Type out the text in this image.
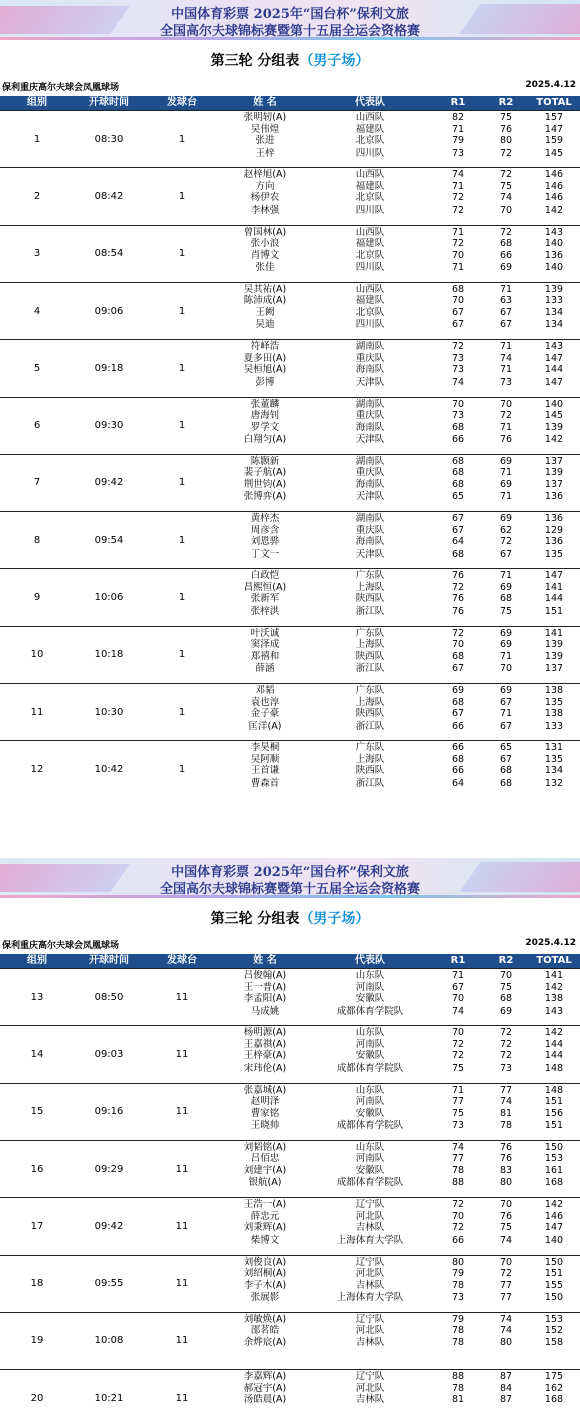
中国体育彩票 2025年“国台杯”保利文旅
全国高尔夫球锦标赛暨第十五届全运会资格赛
第三轮 分组表（男子场）
保利重庆高尔夫球会凤凰球场	2025.4.12
组别	开球时间	发球台	姓 名	代表队	R1	R2	TOTAL
1	08:30	1
张明轫(A)	山西队	82	75	157
吴伟煌	福建队	71	76	147
张进	北京队	79	80	159
王梓	四川队	73	72	145
2	08:42	1
赵梓旭(A)	山西队	74	72	146
方向	福建队	71	75	146
杨伊农	北京队	72	74	146
李林强	四川队	72	70	142
3	08:54	1
曾国林(A)	山西队	71	72	143
张小浪	福建队	72	68	140
肖博文	北京队	70	66	136
张佳	四川队	71	69	140
4	09:06	1
吴其祐(A)	山西队	68	71	139
陈沛成(A)	福建队	70	63	133
王阙	北京队	67	67	134
吴迪	四川队	67	67	134
5	09:18	1
符峄浩	湖南队	72	71	143
夏多田(A)	重庆队	73	74	147
吴桓旭(A)	海南队	73	71	144
彭博	天津队	74	73	147
6	09:30	1
张董麟	湖南队	70	70	140
唐海钊	重庆队	73	72	145
罗学文	海南队	68	71	139
白翔匀(A)	天津队	66	76	142
7	09:42	1
陈颢新	湖南队	68	69	137
裴子航(A)	重庆队	68	71	139
荆世钧(A)	海南队	68	69	137
张博弈(A)	天津队	65	71	136
8	09:54	1
黄梓杰	湖南队	67	69	136
周彦含	重庆队	67	62	129
刘恩骅	海南队	64	72	136
丁文一	天津队	68	67	135
9	10:06	1
白政恺	广东队	76	71	147
昌熙恒(A)	上海队	72	69	141
张新军	陕西队	76	68	144
张梓洪	浙江队	76	75	151
10	10:18	1
叶沃诚	广东队	72	69	141
窦泽成	上海队	70	69	139
郑禧和	陕西队	68	71	139
薛涵	浙江队	67	70	137
11	10:30	1
邓韬	广东队	69	69	138
袁也淳	上海队	68	67	135
金子豪	陕西队	67	71	138
匡洋(A)	浙江队	66	67	133
12	10:42	1
李昊桐	广东队	66	65	131
吴阿顺	上海队	68	67	135
王首谦	陕西队	66	68	134
曹森首	浙江队	64	68	132
中国体育彩票 2025年“国台杯”保利文旅
全国高尔夫球锦标赛暨第十五届全运会资格赛
第三轮 分组表（男子场）
保利重庆高尔夫球会凤凰球场	2025.4.12
组别	开球时间	发球台	姓 名	代表队	R1	R2	TOTAL
13	08:50	11
吕俊翰(A)	山东队	71	70	141
王一普(A)	河南队	67	75	142
李孟阳(A)	安徽队	70	68	138
马成姚	成都体育学院队	74	69	143
14	09:03	11
杨明源(A)	山东队	70	72	142
王嘉祺(A)	河南队	72	72	144
王梓豪(A)	安徽队	72	72	144
宋玮伦(A)	成都体育学院队	75	73	148
15	09:16	11
张嘉城(A)	山东队	71	77	148
赵明泽	河南队	77	74	151
曹家铭	安徽队	75	81	156
王晓帅	成都体育学院队	73	78	151
16	09:29	11
刘韬铭(A)	山东队	74	76	150
吕佰忠	河南队	77	76	153
刘建宇(A)	安徽队	78	83	161
银航(A)	成都体育学院队	88	80	168
17	09:42	11
王浩一(A)	辽宁队	72	70	142
薛忠元	河北队	70	76	146
刘秉辉(A)	吉林队	72	75	147
柴博文	上海体育大学队	66	74	140
18	09:55	11
刘俊良(A)	辽宁队	80	70	150
刘绍桐(A)	河北队	79	72	151
李子木(A)	吉林队	78	77	155
张展影	上海体育大学队	73	77	150
19	10:08	11
刘敏焕(A)	辽宁队	79	74	153
邵茗皓	河北队	78	74	152
余烨宸(A)	吉林队	78	80	158
20	10:21	11
李嘉辉(A)	辽宁队	88	87	175
郝冠宇(A)	河北队	78	84	162
汤皓晨(A)	吉林队	81	87	168
